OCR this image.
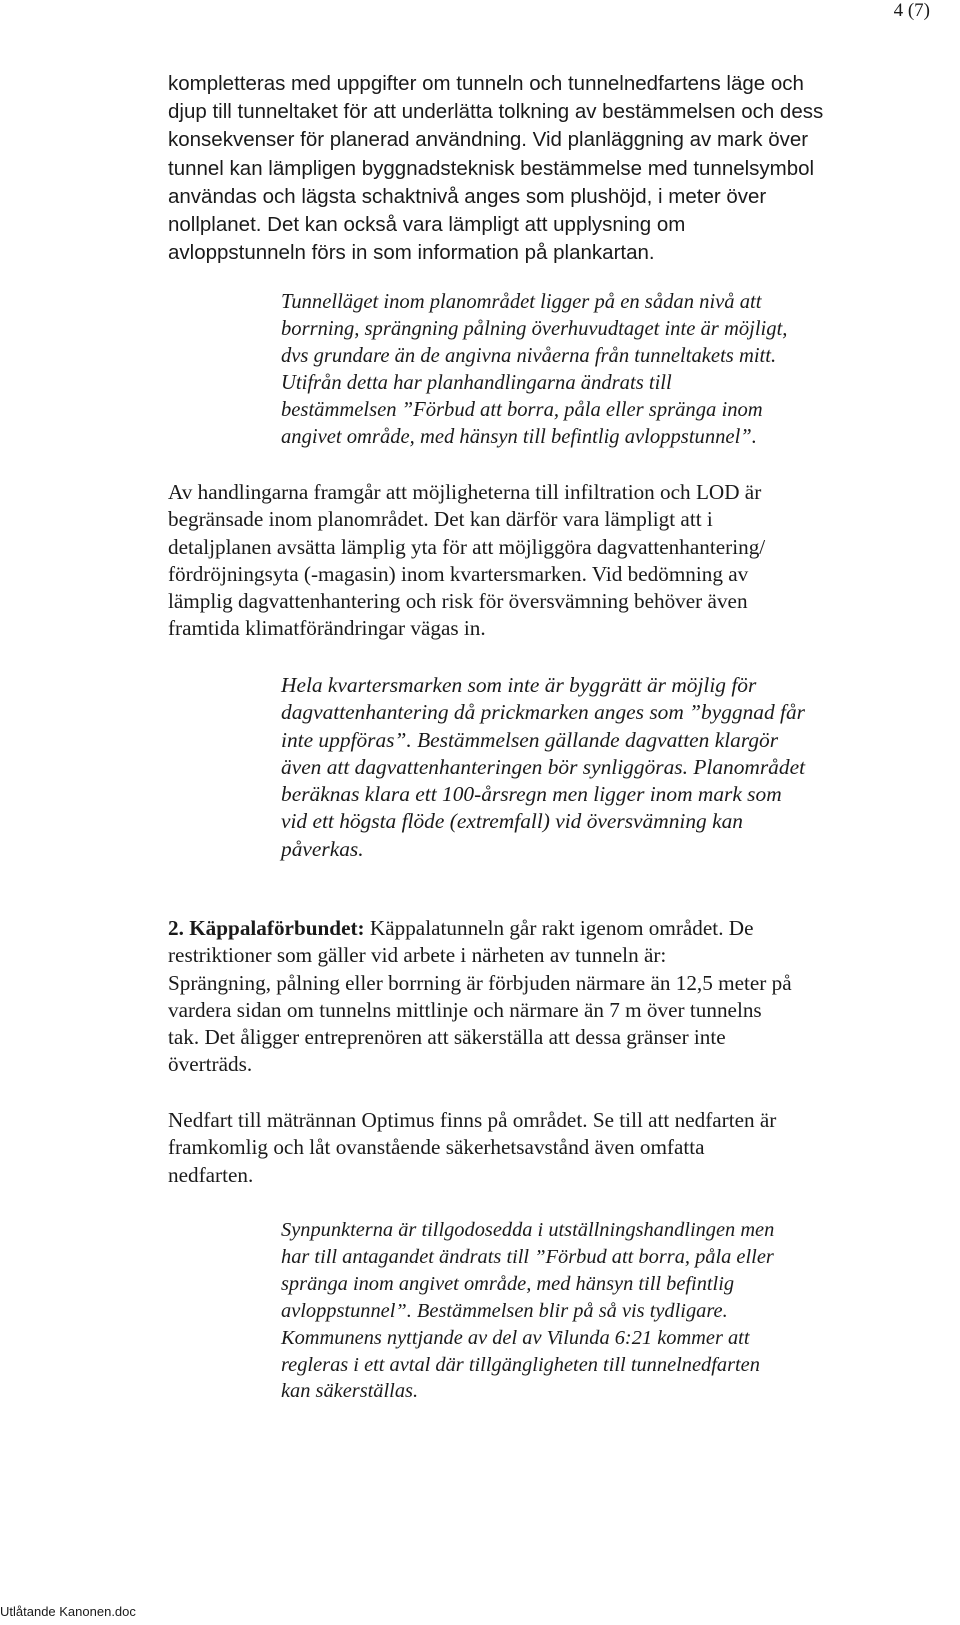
4 (7)

kompletteras med uppgifter om tunneln och tunnelnedfartens läge och
djup till tunneltaket för att underlätta tolkning av bestämmelsen och dess
konsekvenser för planerad användning. Vid planläggning av mark över
tunnel kan lämpligen byggnadsteknisk bestämmelse med tunnelsymbol
användas och lägsta schaktnivå anges som plushöjd, i meter över
nollplanet. Det kan också vara lämpligt att upplysning om
avloppstunneln förs in som information på plankartan.

Tunnelläget inom planområdet ligger på en sådan nivå att
borrning, sprängning pålning överhuvudtaget inte är möjligt,
dvs grundare än de angivna nivåerna från tunneltakets mitt.
Utifrån detta har planhandlingarna ändrats till
bestämmelsen ”Förbud att borra, påla eller spränga inom
angivet område, med hänsyn till befintlig avloppstunnel”.

Av handlingarna framgår att möjligheterna till infiltration och LOD är
begränsade inom planområdet. Det kan därför vara lämpligt att i
detaljplanen avsätta lämplig yta för att möjliggöra dagvattenhantering/
fördröjningsyta (-magasin) inom kvartersmarken. Vid bedömning av
lämplig dagvattenhantering och risk för översvämning behöver även
framtida klimatförändringar vägas in.

Hela kvartersmarken som inte är byggrätt är möjlig för
dagvattenhantering då prickmarken anges som ”byggnad får
inte uppföras”. Bestämmelsen gällande dagvatten klargör
även att dagvattenhanteringen bör synliggöras. Planområdet
beräknas klara ett 100-årsregn men ligger inom mark som
vid ett högsta flöde (extremfall) vid översvämning kan
påverkas.

2. Käppalaförbundet: Käppalatunneln går rakt igenom området. De
restriktioner som gäller vid arbete i närheten av tunneln är:
Sprängning, pålning eller borrning är förbjuden närmare än 12,5 meter på
vardera sidan om tunnelns mittlinje och närmare än 7 m över tunnelns
tak. Det åligger entreprenören att säkerställa att dessa gränser inte
överträds.

Nedfart till mätrännan Optimus finns på området. Se till att nedfarten är
framkomlig och låt ovanstående säkerhetsavstånd även omfatta
nedfarten.

Synpunkterna är tillgodosedda i utställningshandlingen men
har till antagandet ändrats till ”Förbud att borra, påla eller
spränga inom angivet område, med hänsyn till befintlig
avloppstunnel”. Bestämmelsen blir på så vis tydligare.
Kommunens nyttjande av del av Vilunda 6:21 kommer att
regleras i ett avtal där tillgängligheten till tunnelnedfarten
kan säkerställas.

Utlåtande Kanonen.doc
